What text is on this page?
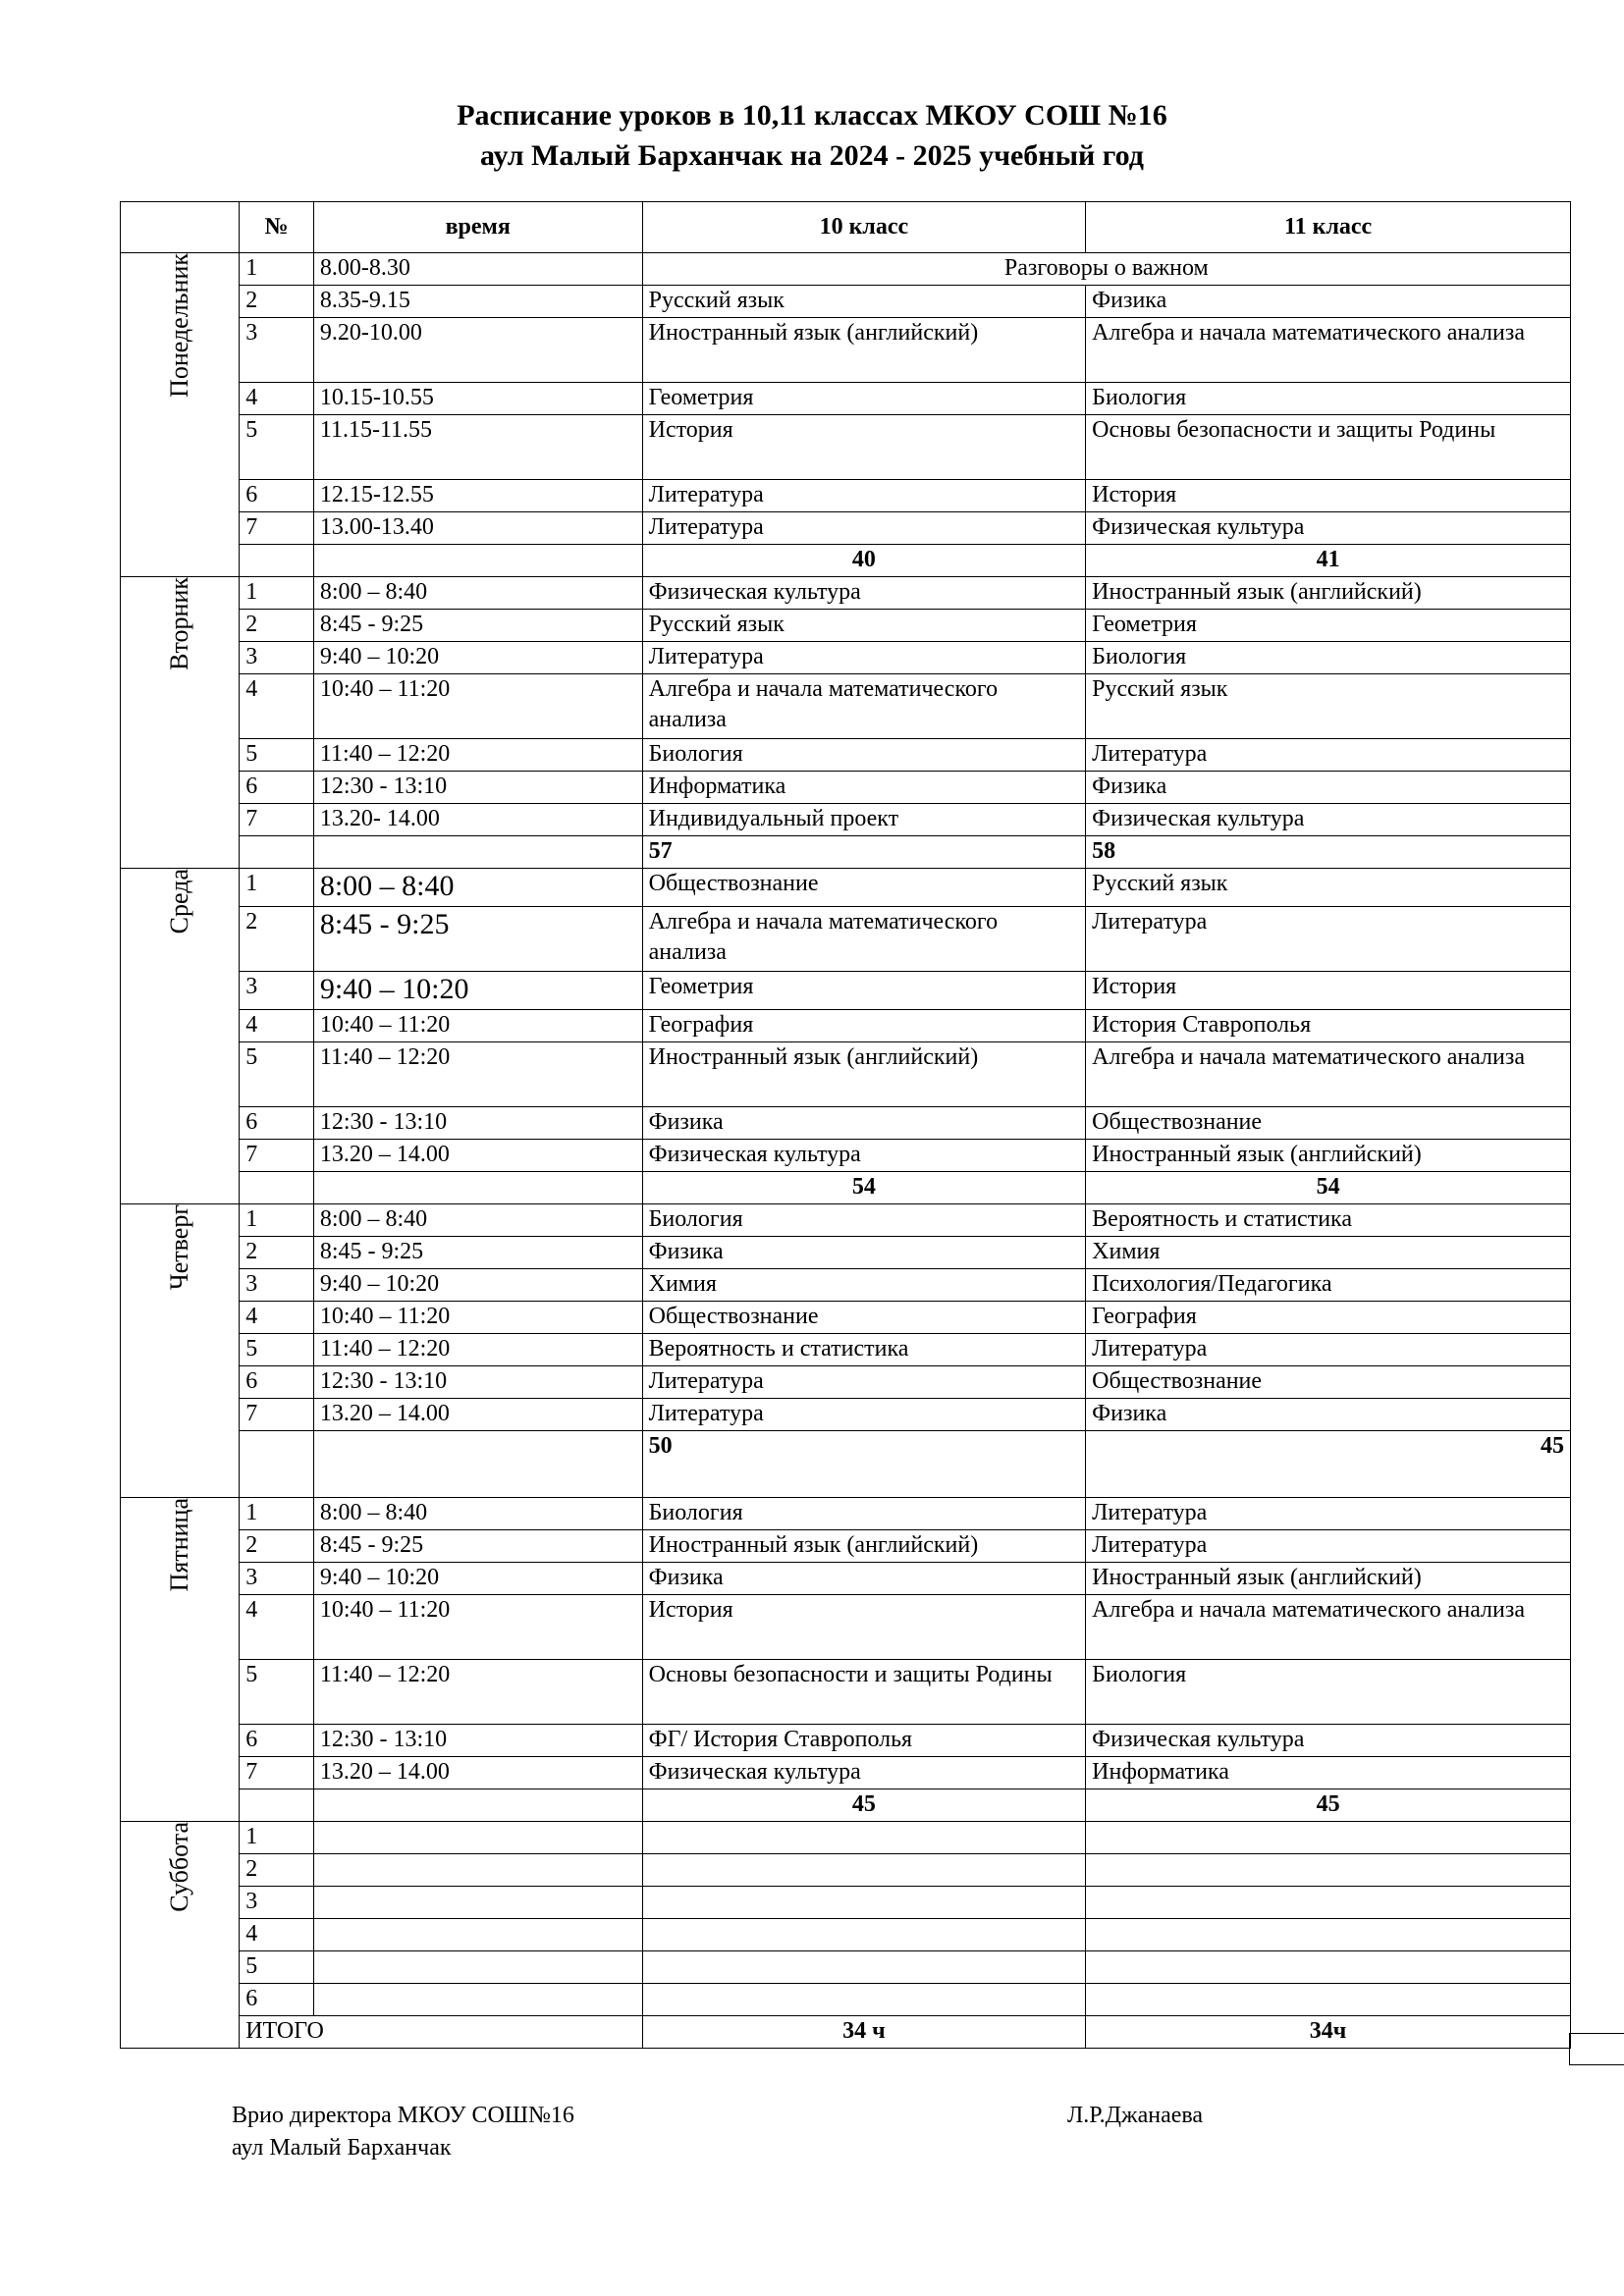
Расписание уроков в 10,11 классах МКОУ СОШ №16
аул Малый Барханчак на 2024 - 2025 учебный год
	№	время	10 класс	11 класс
Понедельник	1	8.00-8.30	Разговоры о важном	
	2	8.35-9.15	Русский язык	Физика
	3	9.20-10.00	Иностранный язык (английский)	Алгебра и начала математического анализа
	4	10.15-10.55	Геометрия	Биология
	5	11.15-11.55	История	Основы безопасности и защиты Родины
	6	12.15-12.55	Литература	История
	7	13.00-13.40	Литература	Физическая культура
			40	41
Вторник	1	8:00 – 8:40	Физическая культура	Иностранный язык (английский)
	2	8:45 - 9:25	Русский язык	Геометрия
	3	9:40 – 10:20	Литература	Биология
	4	10:40 – 11:20	Алгебра и начала математического анализа	Русский язык
	5	11:40 – 12:20	Биология	Литература
	6	12:30 - 13:10	Информатика	Физика
	7	13.20- 14.00	Индивидуальный проект	Физическая культура
			57	58
Среда	1	8:00 – 8:40	Обществознание	Русский язык
	2	8:45 - 9:25	Алгебра и начала математического анализа	Литература
	3	9:40 – 10:20	Геометрия	История
	4	10:40 – 11:20	География	История Ставрополья
	5	11:40 – 12:20	Иностранный язык (английский)	Алгебра и начала математического анализа
	6	12:30 - 13:10	Физика	Обществознание
	7	13.20 – 14.00	Физическая культура	Иностранный язык (английский)
			54	54
Четверг	1	8:00 – 8:40	Биология	Вероятность и статистика
	2	8:45 - 9:25	Физика	Химия
	3	9:40 – 10:20	Химия	Психология/Педагогика
	4	10:40 – 11:20	Обществознание	География
	5	11:40 – 12:20	Вероятность и статистика	Литература
	6	12:30 - 13:10	Литература	Обществознание
	7	13.20 – 14.00	Литература	Физика
			50	45
Пятница	1	8:00 – 8:40	Биология	Литература
	2	8:45 - 9:25	Иностранный язык (английский)	Литература
	3	9:40 – 10:20	Физика	Иностранный язык (английский)
	4	10:40 – 11:20	История	Алгебра и начала математического анализа
	5	11:40 – 12:20	Основы безопасности и защиты Родины	Биология
	6	12:30 - 13:10	ФГ/ История Ставрополья	Физическая культура
	7	13.20 – 14.00	Физическая культура	Информатика
			45	45
Суббота	1			
	2			
	3			
	4			
	5			
	6			
	ИТОГО		34 ч	34ч
Врио директора МКОУ СОШ№16
аул Малый Барханчак
Л.Р.Джанаева
